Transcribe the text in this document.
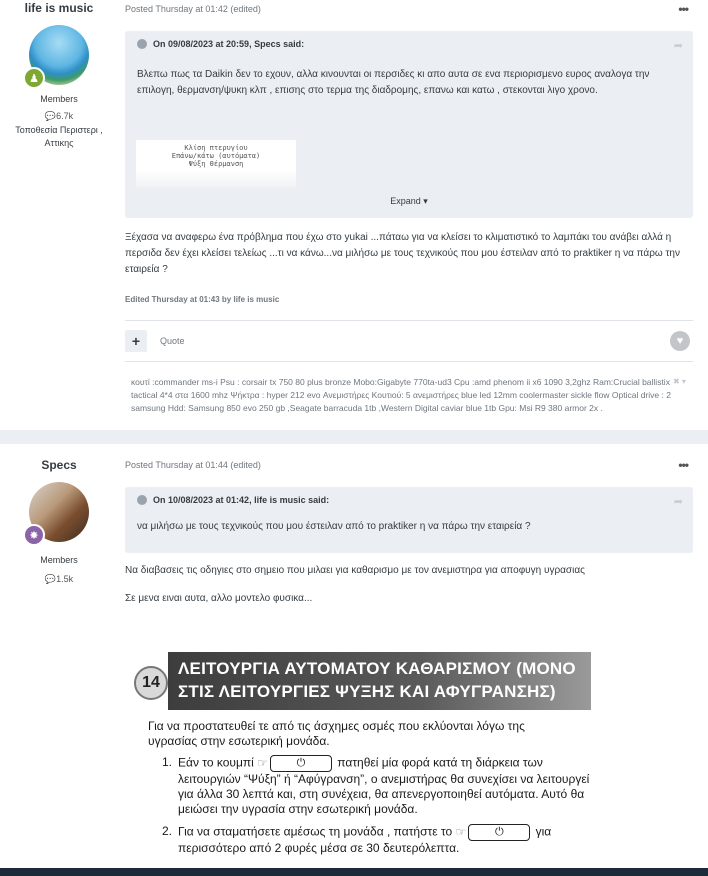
life is music
♟
Members
💬6.7k
Τοποθεσία Περιστερι , Αττικης
Posted Thursday at 01:42 (edited)	•••
On 09/08/2023 at 20:59, Specs said:	➦
Βλεπω πως τα Daikin δεν το εχουν, αλλα κινουνται οι περσιδες κι απο αυτα σε ενα περιορισμενο ευρος αναλογα την επιλογη, θερμανση/ψυκη κλπ , επισης στο τερμα της διαδρομης, επανω και κατω , στεκονται λιγο χρονο.
Κλίση πτερυγίου
Επάνω/κάτω (αυτόματα)
Ψύξη Θέρμανση
Expand ▾
Ξέχασα να αναφερω ένα πρόβλημα που έχω στο yukai ...πάταω για να κλείσει το κλιματιστικό το λαμπάκι του ανάβει αλλά η περσιδα δεν έχει κλείσει τελείως ...τι να κάνω...να μιλήσω με τους τεχνικούς που μου έστειλαν από το praktiker η να πάρω την εταιρεία ?
Edited Thursday at 01:43 by life is music
+	Quote	♥
κουτί :commander ms-i Psu : corsair tx 750 80 plus bronze Mobo:Gigabyte 770ta-ud3 Cpu :amd phenom ii x6 1090 3,2ghz Ram:Crucial ballistix tactical 4*4 στα 1600 mhz Ψήκτρα : hyper 212 evo Ανεμιστήρες Κουτιού: 5 ανεμιστήρες blue led 12mm coolermaster sickle flow Optical drive : 2 samsung Hdd: Samsung 850 evo 250 gb ,Seagate barracuda 1tb ,Western Digital caviar blue 1tb Gpu: Msi R9 380 armor 2x .
✖ ▾
Specs
✸
Members
💬1.5k
Posted Thursday at 01:44 (edited)	•••
On 10/08/2023 at 01:42, life is music said:	➦
να μιλήσω με τους τεχνικούς που μου έστειλαν από το praktiker η να πάρω την εταιρεία ?
Να διαβασεις τις οδηγιες στο σημειο που μιλαει για καθαρισμο με τον ανεμιστηρα για αποφυγη υγρασιας
Σε μενα ειναι αυτα, αλλο μοντελο φυσικα...
14
ΛΕΙΤΟΥΡΓΙΑ ΑΥΤΟΜΑΤΟΥ ΚΑΘΑΡΙΣΜΟΥ (ΜΟΝΟ ΣΤΙΣ ΛΕΙΤΟΥΡΓΙΕΣ ΨΥΞΗΣ ΚΑΙ ΑΦΥΓΡΑΝΣΗΣ)
Για να προστατευθεί τε από τις άσχημες οσμές που εκλύονται λόγω της υγρασίας στην εσωτερική μονάδα.
1. Εάν το κουμπί ☞	⏻	πατηθεί μία φορά κατά τη διάρκεια των λειτουργιών “Ψύξη” ή “Αφύγρανση”, ο ανεμιστήρας θα συνεχίσει να λειτουργεί για άλλα 30 λεπτά και, στη συνέχεια, θα απενεργοποιηθεί αυτόματα. Αυτό θα μειώσει την υγρασία στην εσωτερική μονάδα.
2. Για να σταματήσετε αμέσως τη μονάδα , πατήστε το ☞	⏻	για περισσότερο από 2 φυρές μέσα σε 30 δευτερόλεπτα.
